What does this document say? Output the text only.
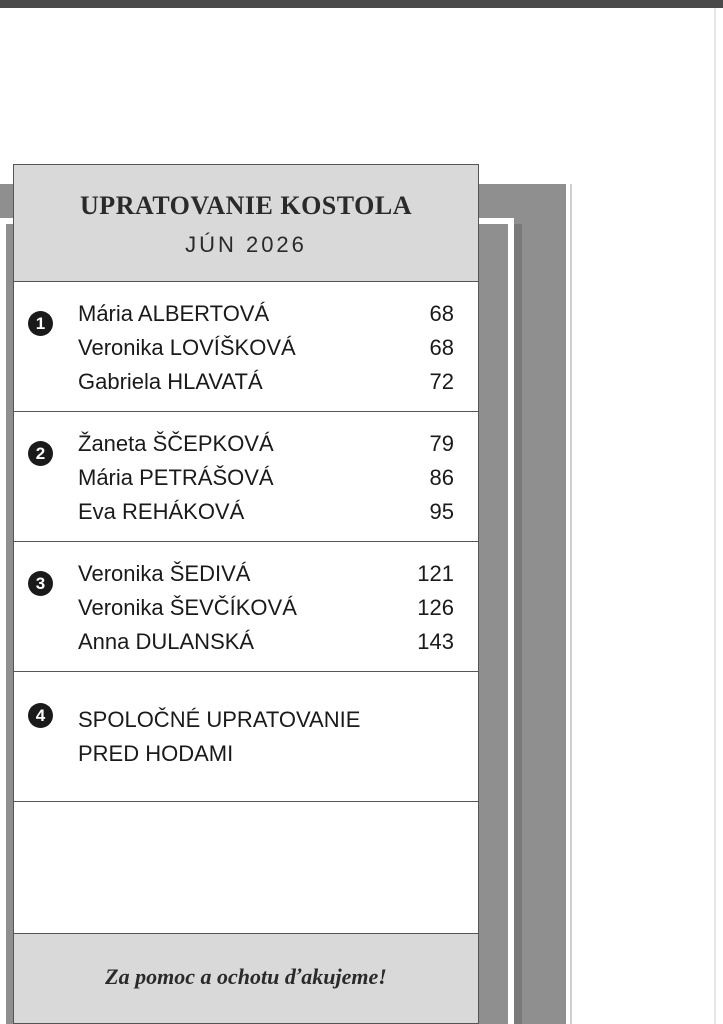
UPRATOVANIE KOSTOLA
JÚN 2026
1	Mária ALBERTOVÁ	68
Veronika LOVÍŠKOVÁ	68
Gabriela HLAVATÁ	72
2	Žaneta ŠČEPKOVÁ	79
Mária PETRÁŠOVÁ	86
Eva REHÁKOVÁ	95
3	Veronika ŠEDIVÁ	121
Veronika ŠEVČÍKOVÁ	126
Anna DULANSKÁ	143
4	SPOLOČNÉ UPRATOVANIE
PRED HODAMI
Za pomoc a ochotu ďakujeme!
